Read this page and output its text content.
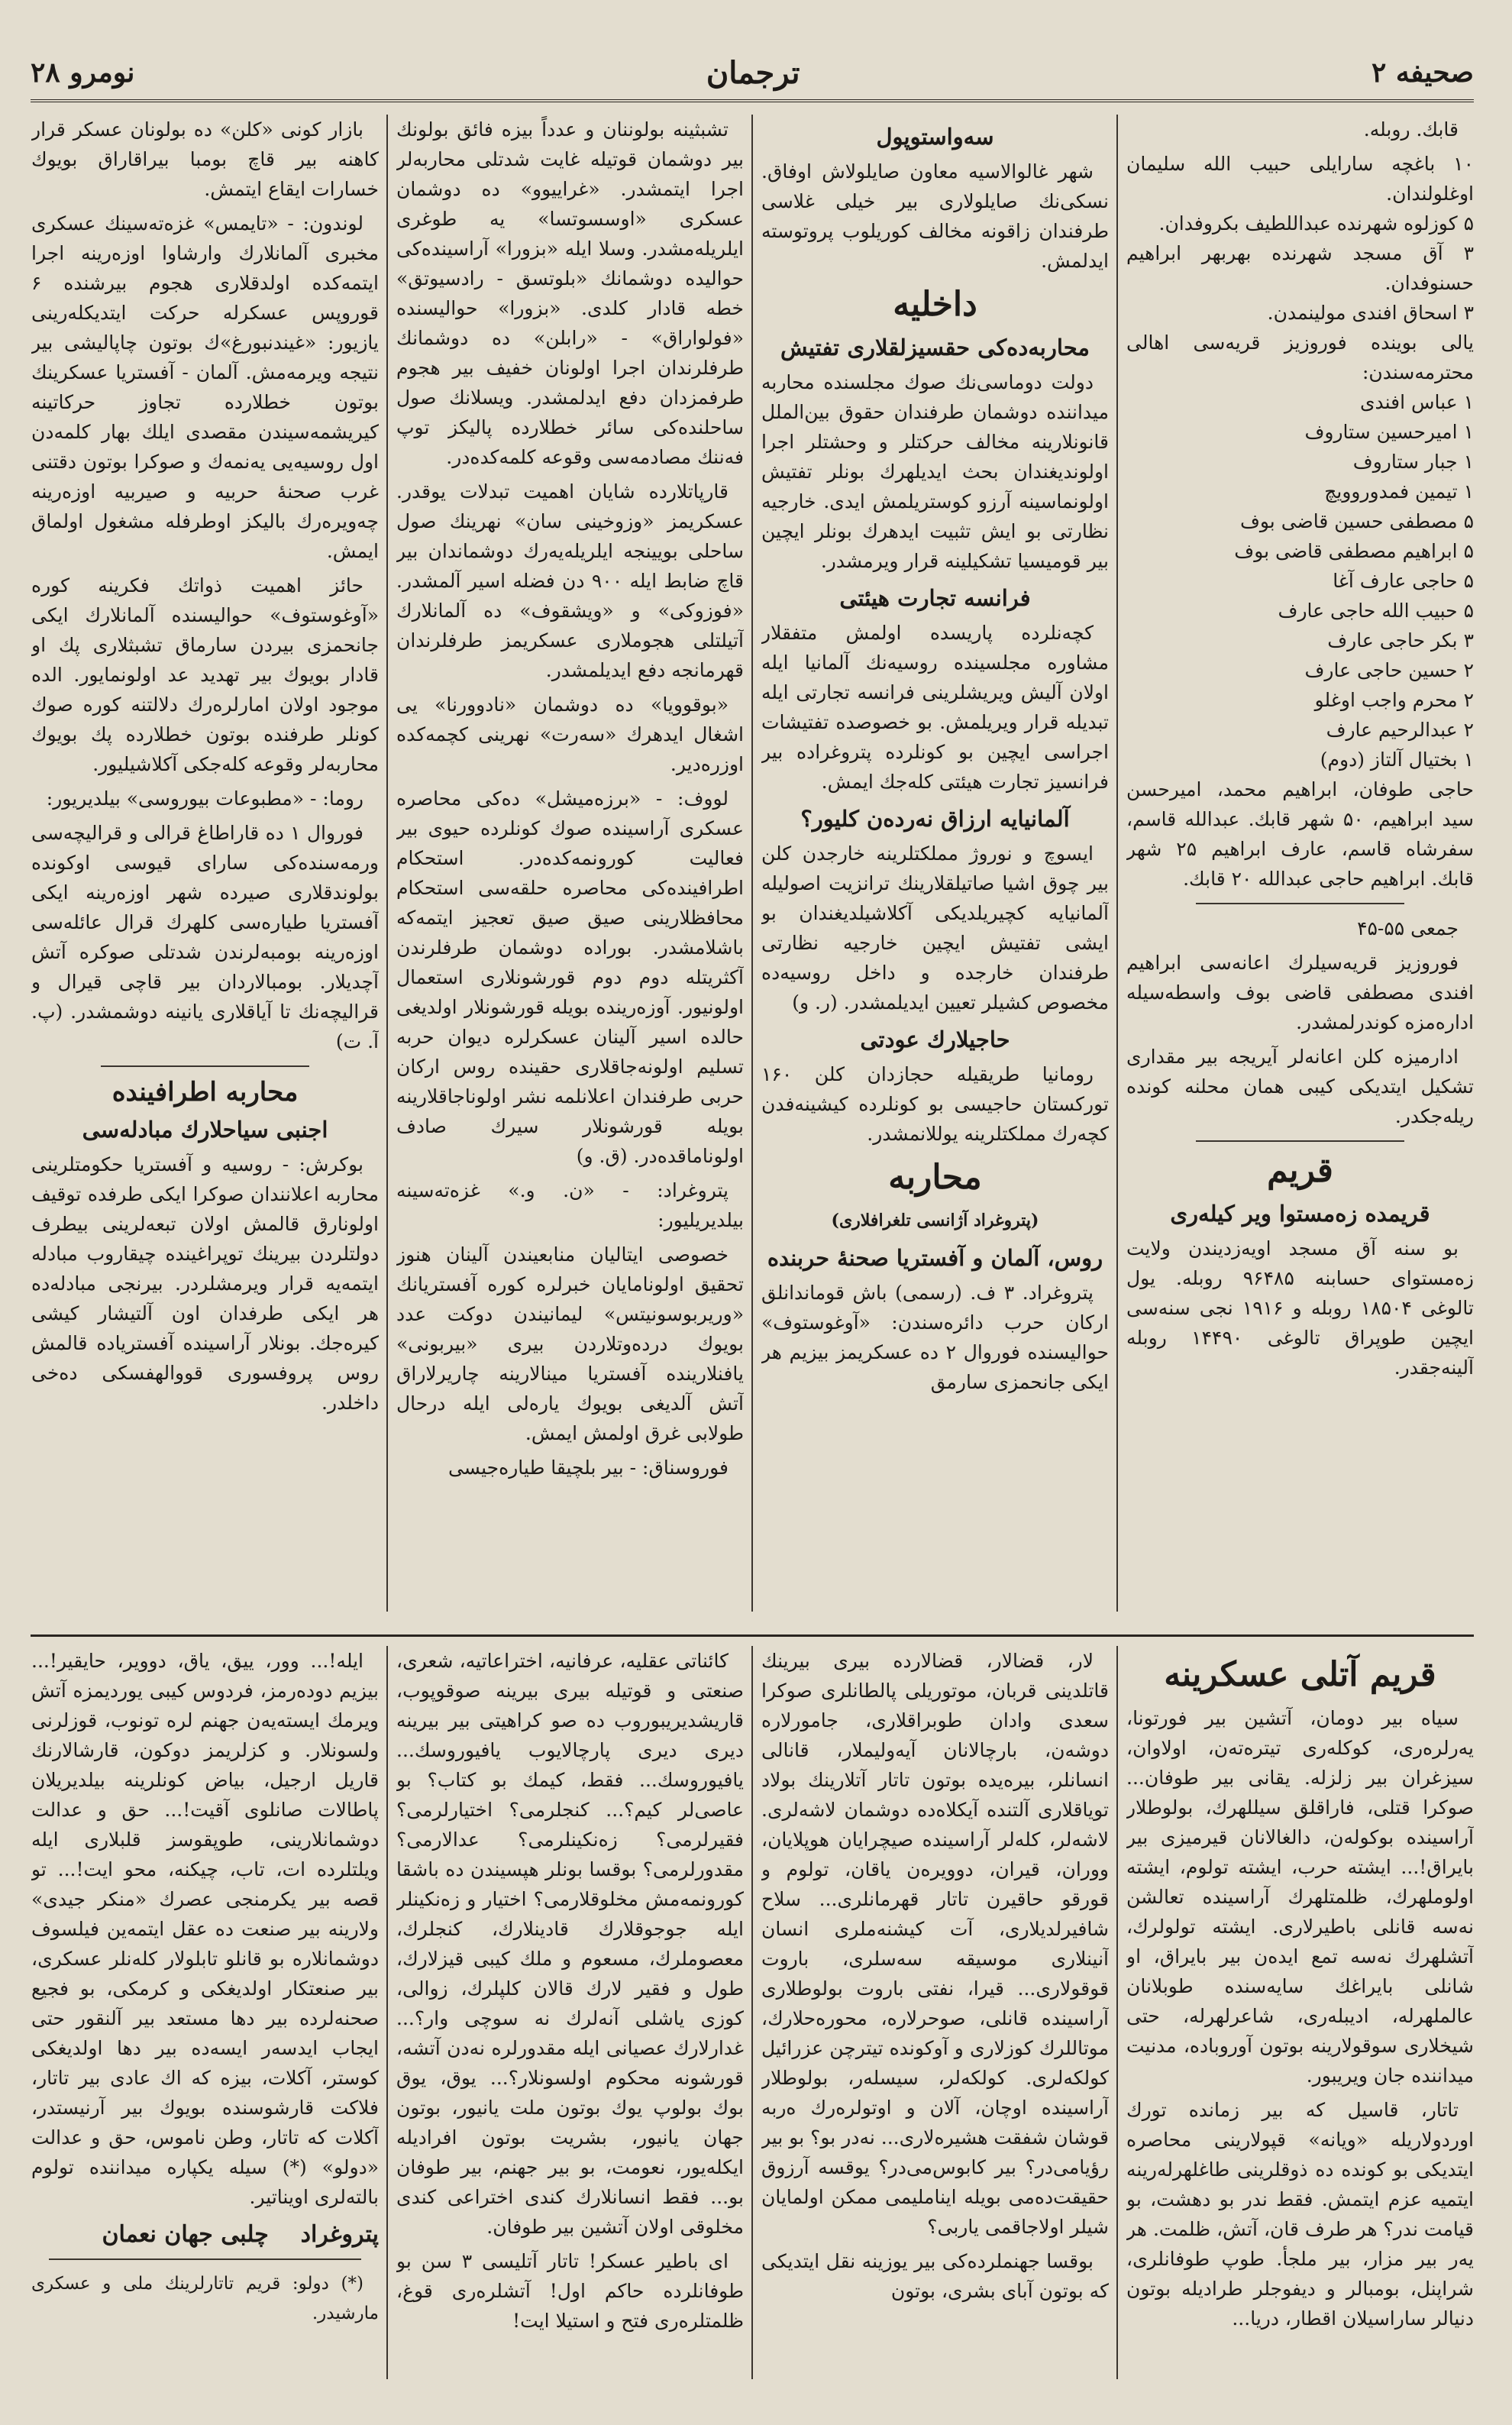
صحیفه ۲
ترجمان
نومرو ۲۸

قابك. روبله.

۱۰ باغچه سارایلی حبیب الله سلیمان اوغلولندان.
۵ كوزلوه شهرنده عبداللطیف بكروفدان.
۳ آق مسجد شهرنده بهربهر ابراهیم حسنوفدان.
۳ اسحاق افندی مولینمدن.
یالی بوینده فوروزیز قریه‌سی اهالی محترمه‌سندن:
۱ عباس افندی
۱ امیرحسین ستاروف
۱ جبار ستاروف
۱ تیمین فمدوروویچ
۵ مصطفی حسین قاضی بوف
۵ ابراهیم مصطفی قاضی بوف
۵ حاجی عارف آغا
۵ حبیب الله حاجی عارف
۳ بكر حاجی عارف
۲ حسین حاجی عارف
۲ محرم واجب اوغلو
۲ عبدالرحیم عارف
۱ بختیال آلتاز (دوم)
حاجی طوفان، ابراهیم محمد، امیرحسن سید ابراهیم، ۵۰ شهر قابك. عبدالله قاسم، سفرشاه قاسم، عارف ابراهیم ۲۵ شهر قابك. ابراهیم حاجی عبدالله ۲۰ قابك.

جمعی ۵۵-۴۵

فوروزیز قریه‌سیلرك اعانه‌سی ابراهیم افندی مصطفی قاضی بوف واسطه‌سیله اداره‌مزه كوندرلمشدر.

ادارمیزه كلن اعانه‌لر آیریجه بیر مقداری تشكیل ایتدیكی كیبی همان محلنه كونده ریله‌جكدر.

قریم
قریمده زه‌مستوا ویر كیله‌ری

بو سنه آق مسجد اویه‌زدیندن ولایت زه‌مستوای حسابنه ۹۶۴۸۵ روبله. یول تالوغی ۱۸۵۰۴ روبله و ۱۹۱۶ نجی سنه‌سی ایچین طوپراق تالوغی ۱۴۴۹۰ روبله آلینه‌جقدر.

سه‌واستوپول

شهر غالوالاسیه معاون صایلولاش اوفاق. نسكی‌نك صایلولاری بیر خیلی غلاسی طرفندان زاقونه مخالف كوریلوب پروتوسته ایدلمش.

داخلیه
محاربه‌ده‌كی حقسیزلقلاری تفتیش

دولت دوماسی‌نك صوك مجلسنده محاربه میداننده دوشمان طرفندان حقوق بین‌الملل قانونلارینه مخالف حركتلر و وحشتلر اجرا اولوندیغندان بحث ایدیلهرك بونلر تفتیش اولونماسینه آرزو كوستریلمش ایدی. خارجیه نظارتی بو ایش تثبیت ایدهرك بونلر ایچین بیر قومیسیا تشكیلینه قرار ویرمشدر.

فرانسه تجارت هیئتی

كچه‌نلرده پاریسده اولمش متفقلار مشاوره مجلسینده روسیه‌نك آلمانیا ایله اولان آلیش ویریشلرینی فرانسه تجارتی ایله تبدیله قرار ویریلمش. بو خصوصده تفتیشات اجراسی ایچین بو كونلرده پتروغراده بیر فرانسیز تجارت هیئتی كله‌جك ایمش.

آلمانیایه ارزاق نه‌رده‌ن كلیور؟

ایسوچ و نوروژ مملكتلرینه خارجدن كلن بیر چوق اشیا صاتیلقلارینك ترانزیت اصولیله آلمانیایه كچیریلدیكی آكلاشیلدیغندان بو ایشی تفتیش ایچین خارجیه نظارتی طرفندان خارجده و داخل روسیه‌ده مخصوص كشیلر تعیین ایدیلمشدر. (ر. و)

حاجیلارك عودتی

رومانیا طریقیله حجازدان كلن ۱۶۰ تورکستان حاجیسی بو كونلرده كیشینه‌فدن كچه‌رك مملكتلرینه یوللانمشدر.

محاربه
(پتروغراد آژانسی تلغرافلاری)
روس، آلمان و آفستریا صحنهٔ حربنده

پتروغراد. ۳ ف. (رسمی) باش قوماندانلق ارکان حرب دائره‌سندن: «آوغوستوف» حوالیسنده فوروال ۲ ده عسكریمز بیزیم هر ایكی جانحمزی سارمق

تشبثینه بولوننان و عدداً بیزه فائق بولونك بیر دوشمان قوتیله غایت شدتلی محاربه‌لر اجرا ایتمشدر. «غراییوو» ده دوشمان عسكری «اوسسوتسا» یه طوغری ایلریله‌مشدر. وسلا ایله «بزورا» آراسینده‌كی حوالیده دوشمانك «بلوتسق - رادسیوتق» خطه قادار كلدی. «بزورا» حوالیسنده «فولواراق» - «رابلن» ده دوشمانك طرفلرندان اجرا اولونان خفیف بیر هجوم طرفمزدان دفع ایدلمشدر. ویسلانك صول ساحلنده‌كی سائر خطلارده پالیكز توپ فه‌ننك مصادمه‌سی وقوعه كلمه‌كده‌در.

قارپاتلارده شایان اهمیت تبدلات یوقدر. عسكریمز «وزوخینی سان» نهرینك صول ساحلی بویینجه ایلریله‌یه‌رك دوشماندان بیر قاچ ضابط ایله ۹۰۰ دن فضله اسیر آلمشدر. «فوزوكی» و «ویشقوف» ده آلمانلارك آتیلتلی هجوملاری عسكریمز طرفلرندان قهرمانجه دفع ایدیلمشدر.

«بوقوویا» ده دوشمان «نادوورنا» یی اشغال ایدهرك «سه‌رت» نهرینی كچمه‌كده اوزره‌دیر.

لووف: - «برزه‌میشل» ده‌كی محاصره عسكری آراسینده صوك كونلرده حیوی بیر فعالیت كورونمه‌كده‌در. استحكام اطرافینده‌كی محاصره حلقه‌سی استحكام محافظلارینی صیق صیق تعجیز ایتمه‌كه باشلامشدر. بوراده دوشمان طرفلرندن آكثریتله دوم دوم قورشونلاری استعمال اولونیور. آوزه‌رینده بویله قورشونلار اولدیغی حالده اسیر آلینان عسكرلره دیوان حربه تسلیم اولونه‌جاقلاری حقینده روس ارکان حربی طرفندان اعلانلمه نشر اولوناجاقلارینه بویله قورشونلار سیرك صادف اولوناماقده‌در. (ق. و)

پتروغراد: - «ن. و.» غزه‌ته‌سینه بیلدیریلیور:

خصوصی ایتالیان منابعیندن آلینان هنوز تحقیق اولونامایان خبرلره كوره آفستریانك «وریربوسونیتس» لیمانیندن دوكت عدد بویوك درده‌وتلاردن بیری «بیربونی» یافنلارینده آفستریا مینالارینه چاریرلاراق آتش آلدیغی بویوك یاره‌لی ایله درحال طولابی غرق اولمش ایمش.

فوروسناق: - بیر بلچیقا طیاره‌جیسی

بازار كونی «كلن» ده بولونان عسكر قرار كاهنه بیر قاچ بومبا بیراقاراق بویوك خسارات ایقاع ایتمش.

لوندون: - «تایمس» غزه‌ته‌سینك عسكری مخبری آلمانلارك وارشاوا اوزه‌رینه اجرا ایتمه‌كده اولدقلاری هجوم بیرشنده ۶ قوروپس عسكرله حركت ایتدیكله‌رینی یازیور: «غیندنبورغ»ك بوتون چاپالیشی بیر نتیجه ویرمه‌مش. آلمان - آفستریا عسكرینك بوتون خطلارده تجاوز حركاتینه كیریشمه‌سیندن مقصدی ایلك بهار كلمه‌دن اول روسیه‌یی یه‌نمه‌ك و صوكرا بوتون دقتنی غرب صحنهٔ حربیه و صیربیه اوزه‌رینه چه‌ویره‌رك بالیكز اوطرفله مشغول اولماق ایمش.

حائز اهمیت ذواتك فكرینه كوره «آوغوستوف» حوالیسنده آلمانلارك ایكی جانحمزی بیردن سارماق تشبثلاری پك او قادار بویوك بیر تهدید عد اولونمایور. الده موجود اولان امارلره‌رك دلالتنه كوره صوك كونلر طرفنده بوتون خطلارده پك بویوك محاربه‌لر وقوعه كله‌جكی آكلاشیلیور.

روما: - «مطبوعات بیوروسی» بیلدیریور:

فوروال ۱ ده قاراطاغ قرالی و قرالیچه‌سی ورمه‌سنده‌كی سارای قیوسی اوكونده بولوندقلاری صیرده شهر اوزه‌رینه ایكی آفستریا طیاره‌سی كلهرك قرال عائله‌سی اوزه‌رینه بومبه‌لرندن شدتلی صوكره آتش آچدیلار. بومبالاردان بیر قاچی قیرال و قرالیچه‌نك تا آیاقلاری یانینه دوشمشدر. (پ. آ. ت)

محاربه اطرافینده
اجنبی سیاحلارك مبادله‌سی

بوكرش: - روسیه و آفستریا حكومتلرینی محاربه اعلانندان صوكرا ایكی طرفده توقیف اولونارق قالمش اولان تبعه‌لرینی بیطرف دولتلردن بیرینك توپراغینده چیقاروب مبادله ایتمه‌یه قرار ویرمشلردر. بیرنجی مبادله‌ده هر ایكی طرفدان اون آلتیشار كیشی كیره‌جك. بونلار آراسینده آفستریاده قالمش روس پروفسوری قووالهفسكی ده‌خی داخلدر.

قریم آتلی عسكرینه

سیاه بیر دومان، آتشین بیر فورتونا، یه‌رلره‌ری، كوكله‌ری تیتره‌ته‌ن، اولاوان، سیزغران بیر زلزله. یقانی بیر طوفان... صوكرا قتلی، فاراقلق سیللهرك، بولوطلار آراسینده بوكوله‌ن، دالغالانان قیرمیزی بیر بایراق!... ایشته حرب، ایشته تولوم، ایشته اولوملهرك، ظلمتلهرك آراسینده تعالشن نه‌سه قانلی باطیرلاری. ایشته تولولرك، آتشلهرك نه‌سه تمع ایده‌ن بیر بایراق، او شانلی بایراغك سایه‌سنده طوبلانان عالملهرله، ادیبله‌ری، شاعرلهرله، حتی شیخلاری سوقولارینه بوتون آوروباده، مدنیت میداننده جان ویریبور.

تاتار، قاسیل كه بیر زمانده تورك اوردولاریله «ویانه» قپولارینی محاصره ایتدیكی بو كونده ده ذوقلرینی طاغلهرله‌رینه ایتمیه عزم ایتمش. فقط ندر بو دهشت، بو قیامت ندر؟ هر طرف قان، آتش، ظلمت. هر یه‌ر بیر مزار، بیر ملجأ. طوپ طوفانلری، شراپنل، بومبالر و دیفوجلر طرادیله بوتون دنیالر ساراسیلان اقطار، دریا...

لار، قضالار، قضالارده بیری بیرینك قاتلدینی قربان، موتوریلی پالطانلری صوكرا سعدی وادان طوبراقلاری، جامورلاره دوشه‌ن، بارچالانان آیه‌ولیملار، قانالی انسانلر، بیره‌یده بوتون تاتار آتلارینك بولاد تویاقلاری آلتنده آیكلاه‌ده دوشمان لاشه‌لری. لاشه‌لر، كله‌لر آراسینده صیچرایان هوپلایان، ووران، قیران، دوویره‌ن یاقان، تولوم و قورقو حاقیرن تاتار قهرمانلری... سلاح شافیرلدیلاری، آت كیشنه‌ملری انسان آنینلاری موسیقه سه‌سلری، باروت قوقولاری... قیرا، نفتی باروت بولوطلاری آراسینده قانلی، صوحرلاره، محوره‌حلارك، موتاللرك كوزلاری و آوكونده تیترچن عزرائیل كولكه‌لری. كولكه‌لر، سیسله‌ر، بولوطلار آراسینده اوچان، آلان و اوتولره‌رك ه‌ربه قوشان شفقت هشیره‌لاری... نه‌در بو؟ بو بیر رؤیامی‌در؟ بیر كابوس‌می‌در؟ یوقسه آرزوق حقیقت‌ده‌می بویله ایناملیمی ممكن اولمایان شیلر اولاجاقمی یاربی؟

بوقسا جهنملرده‌كی بیر یوزینه نقل ایتدیكی كه بوتون آبای بشری، بوتون

كائناتی عقلیه، عرفانیه، اختراعاتیه، شعری، صنعتی و قوتیله بیری بیرینه صوقوپوب، قاریشدیریبوروب ده صو كراهیتی بیر بیرینه دیری دیری پارچالایوب یافیوروسك... یافیوروسك... فقط، كیمك بو كتاب؟ بو عاصی‌لر كیم؟... كنجلرمی؟ اختیارلرمی؟ فقیرلرمی؟ زه‌نكینلرمی؟ عدالارمی؟ مقدورلرمی؟ بوقسا بونلر هپسیندن ده باشقا كورونمه‌مش مخلوقلارمی؟ اختیار و زه‌نكینلر ایله جوجوقلارك قادینلارك، كنجلرك، معصوملرك، مسعوم و ملك كیبی قیزلارك، طول و فقیر لارك قالان كلپلرك، زوالی، كوزی یاشلی آنه‌لرك نه سوچی وار؟... غدارلارك عصیانی ایله مقدورلره نه‌دن آتشه، قورشونه محكوم اولسونلار؟... یوق، یوق بوك بولوپ یوك بوتون ملت یانیور، بوتون جهان یانیور، بشریت بوتون افرادیله ایكله‌یور، نعومت، بو بیر جهنم، بیر طوفان بو... فقط انسانلارك كندی اختراعی كندی مخلوقی اولان آتشین بیر طوفان.

ای باطیر عسكر! تاتار آتلیسی ۳ سن بو طوفانلرده حاكم اول! آتشلره‌ری قوغ، ظلمتلره‌ری فتح و استیلا ایت!

ایله!... وور، ییق، یاق، دوویر، حایقیر!... بیزیم دوده‌رمز، فردوس كیبی یوردیمزه آتش ویرمك ایسته‌یه‌ن جهنم لره تونوب، قوزلرنی ولسونلار. و كزلریمز دوكون، قارشالارنك قاریل ارجیل، بیاض كونلرینه بیلدیریلان پاطالات صانلوی آقیت!... حق و عدالت دوشمانلارینی، طوپقوسز قلبلاری ایله ویلتلرده ات، تاب، چیكنه، محو ایت!... تو قصه بیر یكرمنجی عصرك «منكر جیدی» ولارینه بیر صنعت ده عقل ایتمه‌ین فیلسوف دوشمانلاره بو قانلو تابلولار كله‌نلر عسكری، بیر صنعتكار اولدیغكی و كرمكی، بو فجیع صحنه‌لرده بیر دها مستعد بیر آلنقور حتی ایجاب ایدسه‌ر ایسه‌ده بیر دها اولدیغكی كوستر، آكلات، بیزه كه اك عادی بیر تاتار، فلاكت قارشوسنده بویوك بیر آرنیستدر، آكلات كه تاتار، وطن ناموس، حق و عدالت «دولو» (*) سیله یكپاره میداننده تولوم بالته‌لری اویناتیر.

پتروغراد    چلبی جهان نعمان

(*) دولو: قریم تاتارلرینك ملی و عسكری مارشیدر.
